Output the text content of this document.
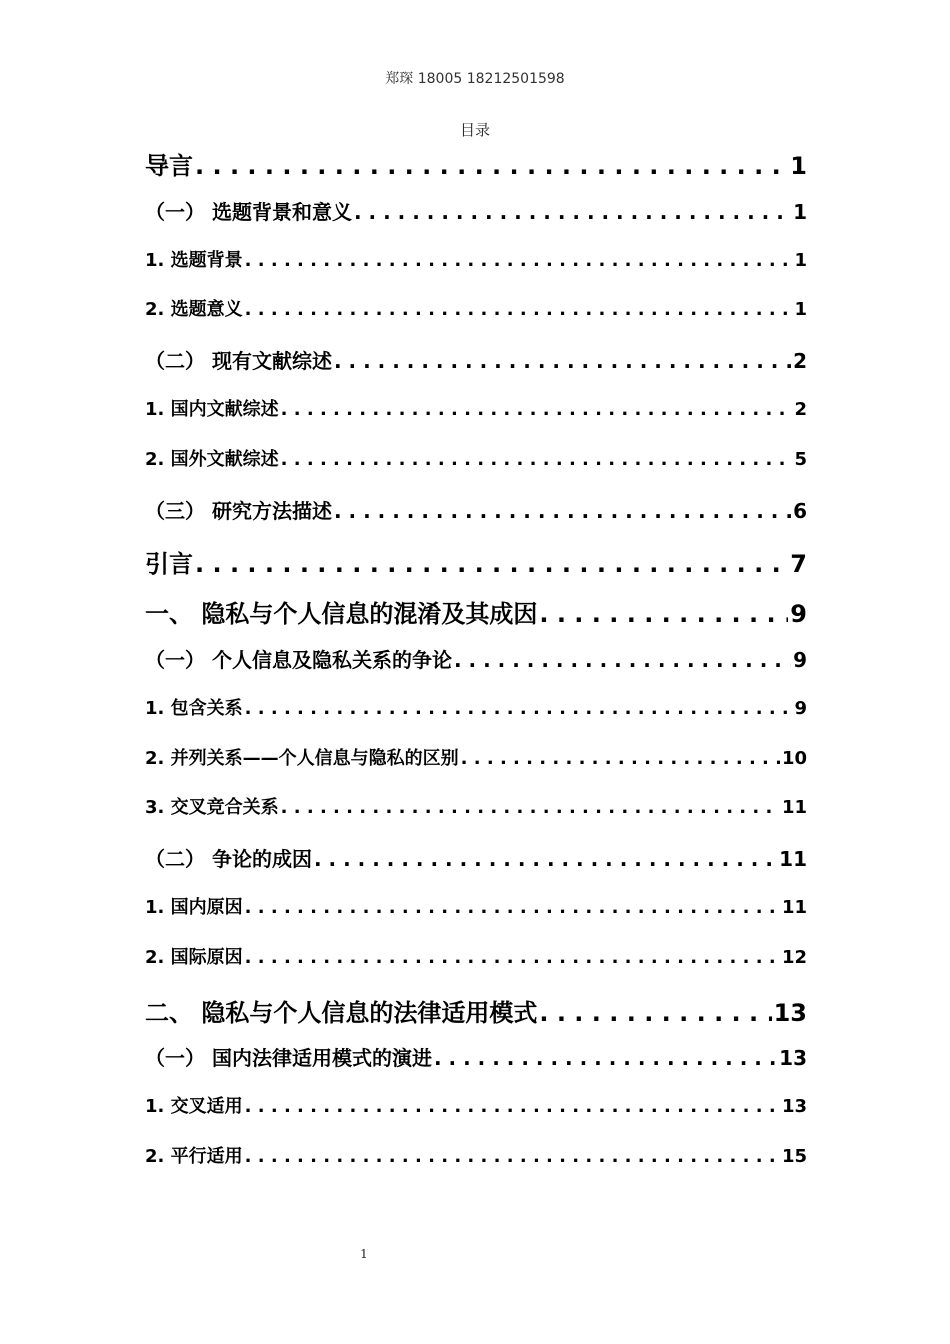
郑琛 18005 18212501598
目录
导言 . . .	1
（一） 选题背景和意义 . . .	1
1. 选题背景 . . .	1
2. 选题意义 . . .	1
（二） 现有文献综述 . . .	2
1. 国内文献综述 . . .	2
2. 国外文献综述 . . .	5
（三） 研究方法描述 . . .	6
引言 . . .	7
一、 隐私与个人信息的混淆及其成因 . . .	9
（一） 个人信息及隐私关系的争论 . . .	9
1. 包含关系 . . .	9
2. 并列关系——个人信息与隐私的区别 . . .	10
3. 交叉竞合关系 . . .	11
（二） 争论的成因 . . .	11
1. 国内原因 . . .	11
2. 国际原因 . . .	12
二、 隐私与个人信息的法律适用模式 . . .	13
（一） 国内法律适用模式的演进 . . .	13
1. 交叉适用 . . .	13
2. 平行适用 . . .	15
1
